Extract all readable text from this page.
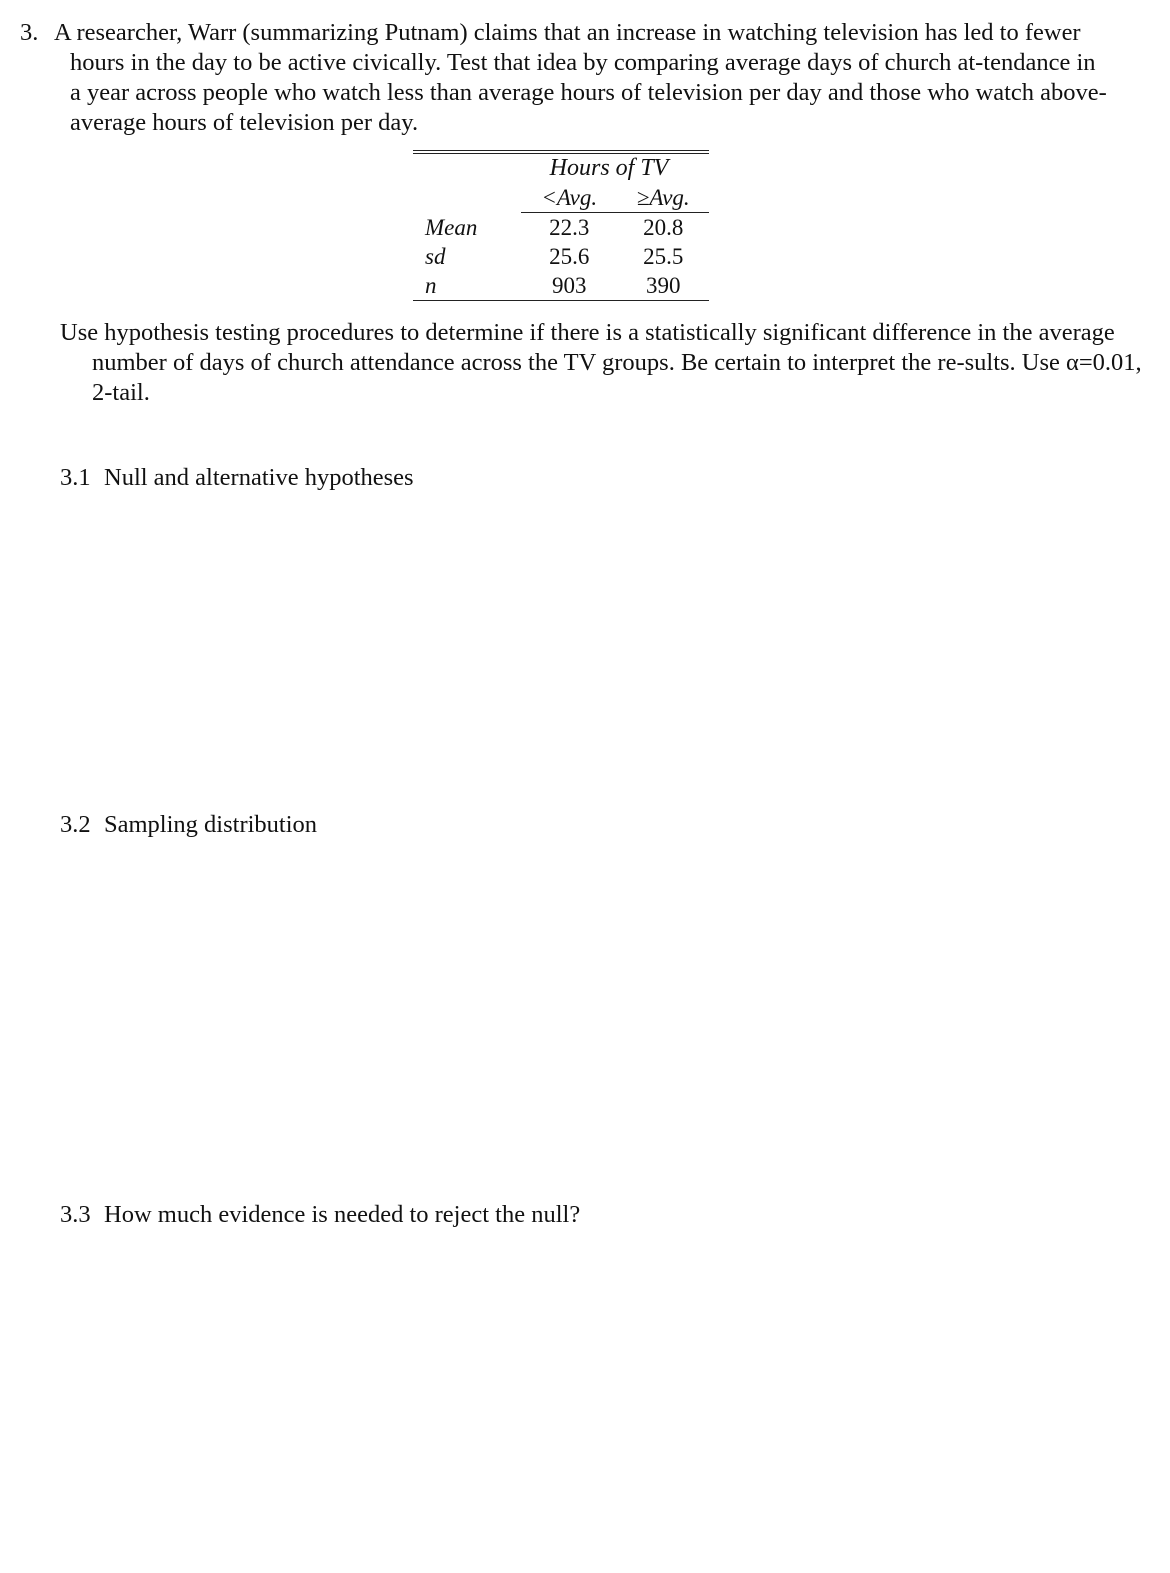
3. A researcher, Warr (summarizing Putnam) claims that an increase in watching television has led to fewer hours in the day to be active civically. Test that idea by comparing average days of church at-tendance in a year across people who watch less than average hours of television per day and those who watch above-average hours of television per day.
Hours of TV		
	<Avg.	≥Avg.
Mean	22.3	20.8
sd	25.6	25.5
n	903	390
Use hypothesis testing procedures to determine if there is a statistically significant difference in the average number of days of church attendance across the TV groups. Be certain to interpret the re-sults. Use α=0.01, 2-tail.
3.1 Null and alternative hypotheses
3.2 Sampling distribution
3.3 How much evidence is needed to reject the null?
